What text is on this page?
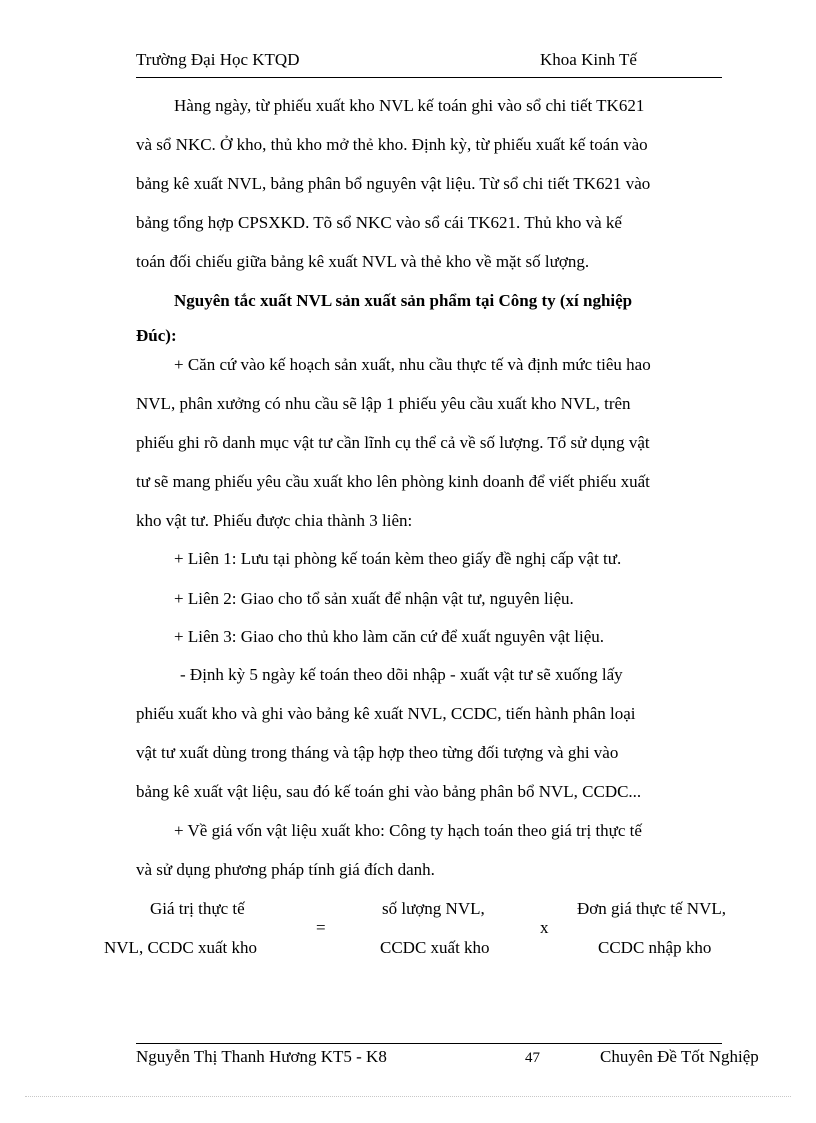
Trường Đại Học KTQD	Khoa Kinh Tế
Hàng ngày, từ phiếu xuất kho NVL kế toán ghi vào sổ chi tiết TK621
và sổ NKC. Ở kho, thủ kho mở thẻ kho. Định kỳ, từ phiếu xuất kế toán vào
bảng kê xuất NVL, bảng phân bổ nguyên vật liệu. Từ sổ chi tiết TK621 vào
bảng tổng hợp CPSXKD. Tõ sổ NKC vào sổ cái TK621. Thủ kho và kế
toán đối chiếu giữa bảng kê xuất NVL và thẻ kho về mặt số lượng.
Nguyên tắc xuất NVL sản xuất sản phẩm tại Công ty (xí nghiệp
Đúc):
+ Căn cứ vào kế hoạch sản xuất, nhu cầu thực tế và định mức tiêu hao
NVL, phân xưởng có nhu cầu sẽ lập 1 phiếu yêu cầu xuất kho NVL, trên
phiếu ghi rõ danh mục vật tư cần lĩnh cụ thể cả về số lượng. Tổ sử dụng vật
tư sẽ mang phiếu yêu cầu xuất kho lên phòng kinh doanh để viết phiếu xuất
kho vật tư. Phiếu được chia thành 3 liên:
+ Liên 1: Lưu tại phòng kế toán kèm theo giấy đề nghị cấp vật tư.
+ Liên 2: Giao cho tổ sản xuất để nhận vật tư, nguyên liệu.
+ Liên 3: Giao cho thủ kho làm căn cứ để xuất nguyên vật liệu.
- Định kỳ 5 ngày kế toán theo dõi nhập - xuất vật tư sẽ xuống lấy
phiếu xuất kho và ghi vào bảng kê xuất NVL, CCDC, tiến hành phân loại
vật tư xuất dùng trong tháng và tập hợp theo từng đối tượng và ghi vào
bảng kê xuất vật liệu, sau đó kế toán ghi vào bảng phân bổ NVL, CCDC...
+ Về giá vốn vật liệu xuất kho: Công ty hạch toán theo giá trị thực tế
và sử dụng phương pháp tính giá đích danh.
Giá trị thực tế
NVL, CCDC xuất kho
=
số lượng NVL,
CCDC xuất kho
x
Đơn giá thực tế NVL,
CCDC nhập kho
Nguyễn Thị Thanh Hương KT5 - K8	47	Chuyên Đề Tốt Nghiệp
